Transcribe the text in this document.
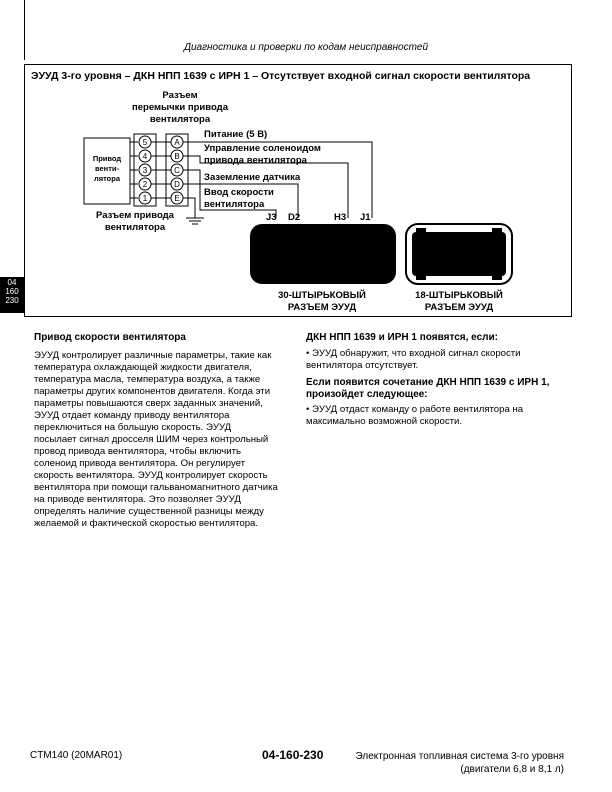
Диагностика и проверки по кодам неисправностей
ЭУУД 3-го уровня – ДКН НПП 1639 с ИРН 1 – Отсутствует входной сигнал скорости вентилятора
Разъем
перемычки привода
вентилятора
Привод
венти-
лятора
5
4
3
2
1
A
B
C
D
E
Питание (5 В)
Управление соленоидом
привода вентилятора
Заземление датчика
Ввод скорости
вентилятора
Разъем привода
вентилятора
J3 D2	H3 J1
30-ШТЫРЬКОВЫЙ
РАЗЪЕМ ЭУУД
18-ШТЫРЬКОВЫЙ
РАЗЪЕМ ЭУУД
04
160
230
Привод скорости вентилятора
ЭУУД контролирует различные параметры, такие как
температура охлаждающей жидкости двигателя,
температура масла, температура воздуха, а также
параметры других компонентов двигателя. Когда эти
параметры повышаются сверх заданных значений,
ЭУУД отдает команду приводу вентилятора
переключиться на большую скорость. ЭУУД
посылает сигнал дросселя ШИМ через контрольный
провод привода вентилятора, чтобы включить
соленоид привода вентилятора. Он регулирует
скорость вентилятора. ЭУУД контролирует скорость
вентилятора при помощи гальваномагнитного датчика
на приводе вентилятора. Это позволяет ЭУУД
определять наличие существенной разницы между
желаемой и фактической скоростью вентилятора.
ДКН НПП 1639 и ИРН 1 появятся, если:
• ЭУУД обнаружит, что входной сигнал скорости
вентилятора отсутствует.
Если появится сочетание ДКН НПП 1639 с ИРН 1,
произойдет следующее:
• ЭУУД отдаст команду о работе вентилятора на
максимально возможной скорости.
CTM140 (20MAR01)	04-160-230	Электронная топливная система 3-го уровня
(двигатели 6,8 и 8,1 л)
